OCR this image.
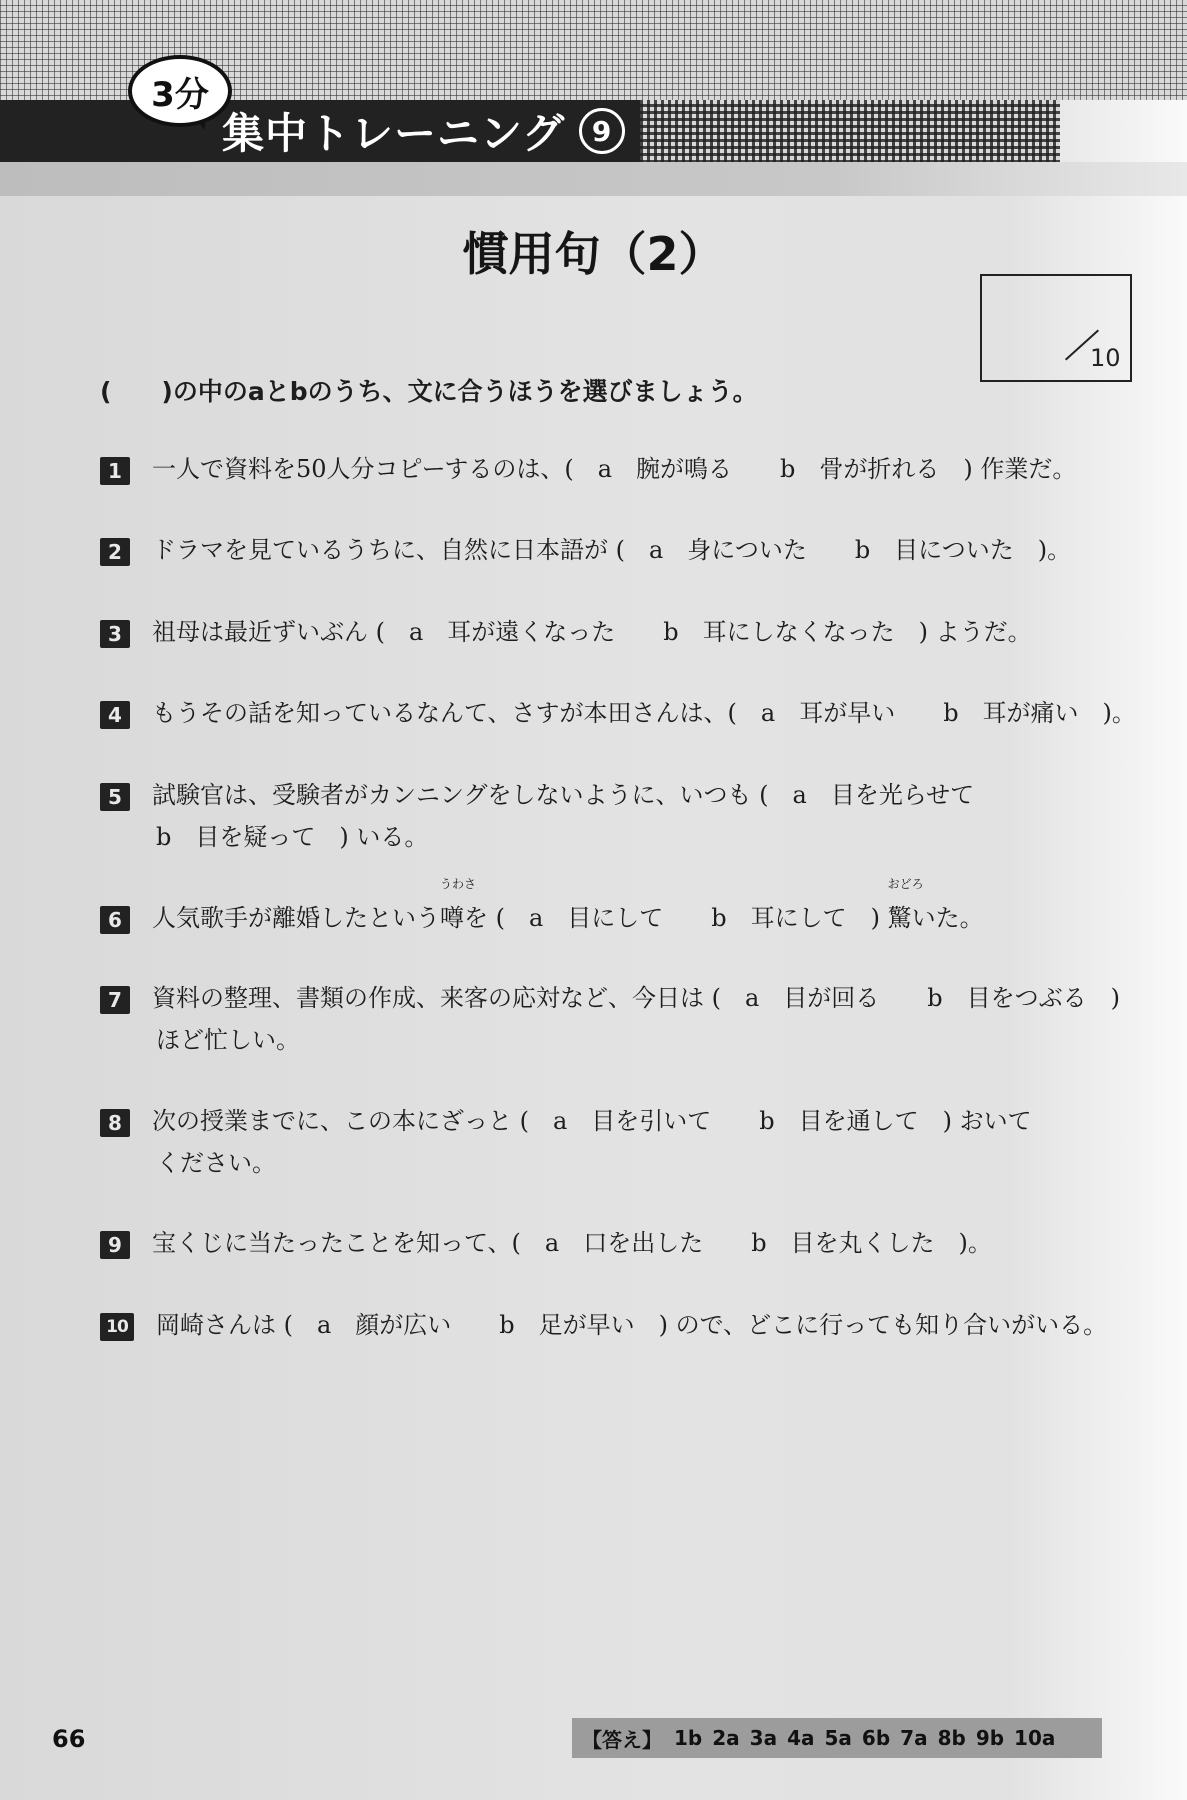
3分
集中トレーニング 9
慣用句（2）
10
(　　)の中のaとbのうち、文に合うほうを選びましょう。
1 一人で資料を50人分コピーするのは、(　a　腕が鳴る　　b　骨が折れる　) 作業だ。
2 ドラマを見ているうちに、自然に日本語が (　a　身についた　　b　目についた　)。
3 祖母は最近ずいぶん (　a　耳が遠くなった　　b　耳にしなくなった　) ようだ。
4 もうその話を知っているなんて、さすが本田さんは、(　a　耳が早い　　b　耳が痛い　)。
5 試験官は、受験者がカンニングをしないように、いつも (　a　目を光らせて
b　目を疑って　) いる。
6 人気歌手が離婚したという
うわさ
噂を (　a　目にして　　b　耳にして　)
おどろ
驚いた。
7 資料の整理、書類の作成、来客の応対など、今日は (　a　目が回る　　b　目をつぶる　)
ほど忙しい。
8 次の授業までに、この本にざっと (　a　目を引いて　　b　目を通して　) おいて
ください。
9 宝くじに当たったことを知って、(　a　口を出した　　b　目を丸くした　)。
10 岡崎さんは (　a　顔が広い　　b　足が早い　) ので、どこに行っても知り合いがいる。
66	【答え】 1b 2a 3a 4a 5a 6b 7a 8b 9b 10a
